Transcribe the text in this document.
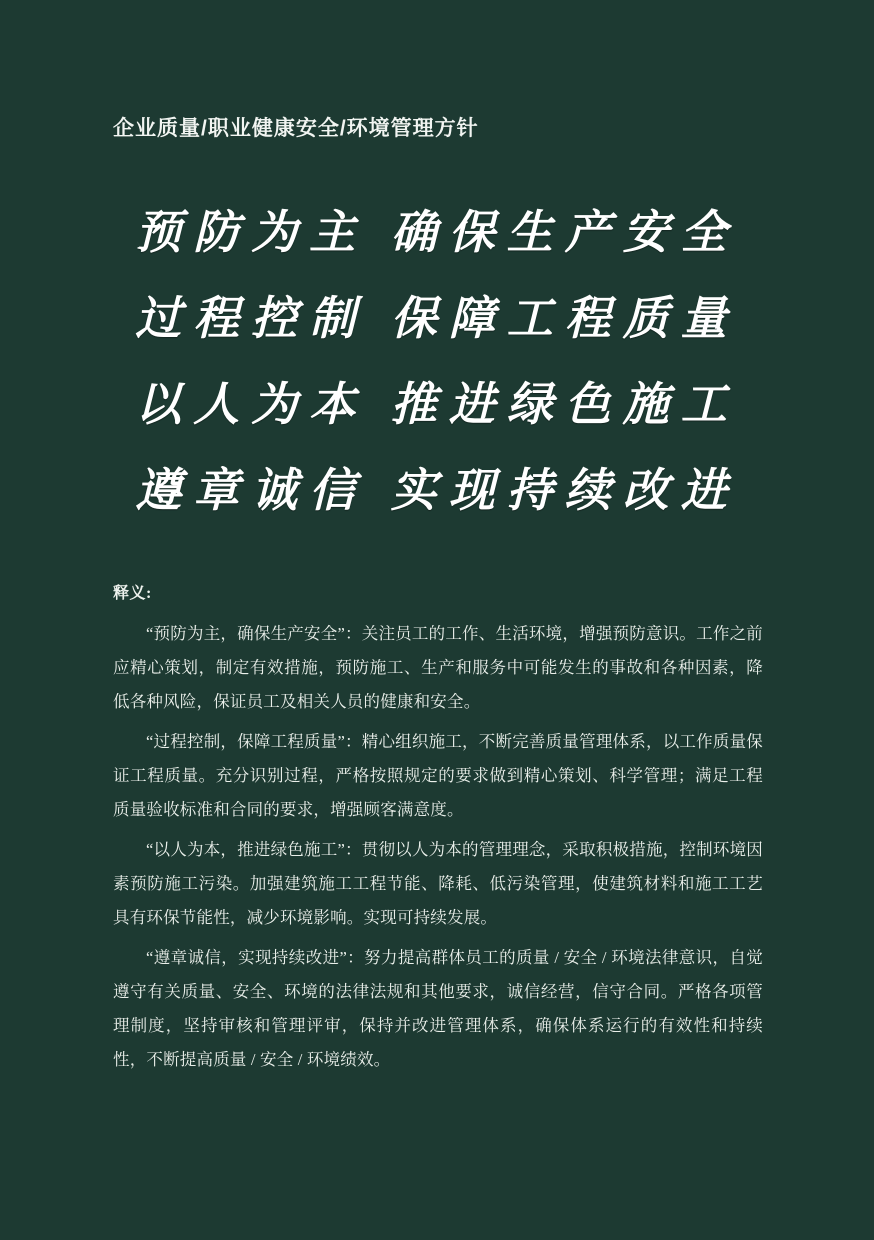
企业质量/职业健康安全/环境管理方针
预防为主 确保生产安全
过程控制 保障工程质量
以人为本 推进绿色施工
遵章诚信 实现持续改进
释义:

“预防为主，确保生产安全”：关注员工的工作、生活环境，增强预防意识。工作之前应精心策划，制定有效措施，预防施工、生产和服务中可能发生的事故和各种因素，降低各种风险，保证员工及相关人员的健康和安全。

“过程控制，保障工程质量”：精心组织施工，不断完善质量管理体系，以工作质量保证工程质量。充分识别过程，严格按照规定的要求做到精心策划、科学管理；满足工程质量验收标准和合同的要求，增强顾客满意度。

“以人为本，推进绿色施工”：贯彻以人为本的管理理念，采取积极措施，控制环境因素预防施工污染。加强建筑施工工程节能、降耗、低污染管理，使建筑材料和施工工艺具有环保节能性，减少环境影响。实现可持续发展。

“遵章诚信，实现持续改进”：努力提高群体员工的质量 / 安全 / 环境法律意识，自觉遵守有关质量、安全、环境的法律法规和其他要求，诚信经营，信守合同。严格各项管理制度，坚持审核和管理评审，保持并改进管理体系，确保体系运行的有效性和持续性，不断提高质量 / 安全 / 环境绩效。
